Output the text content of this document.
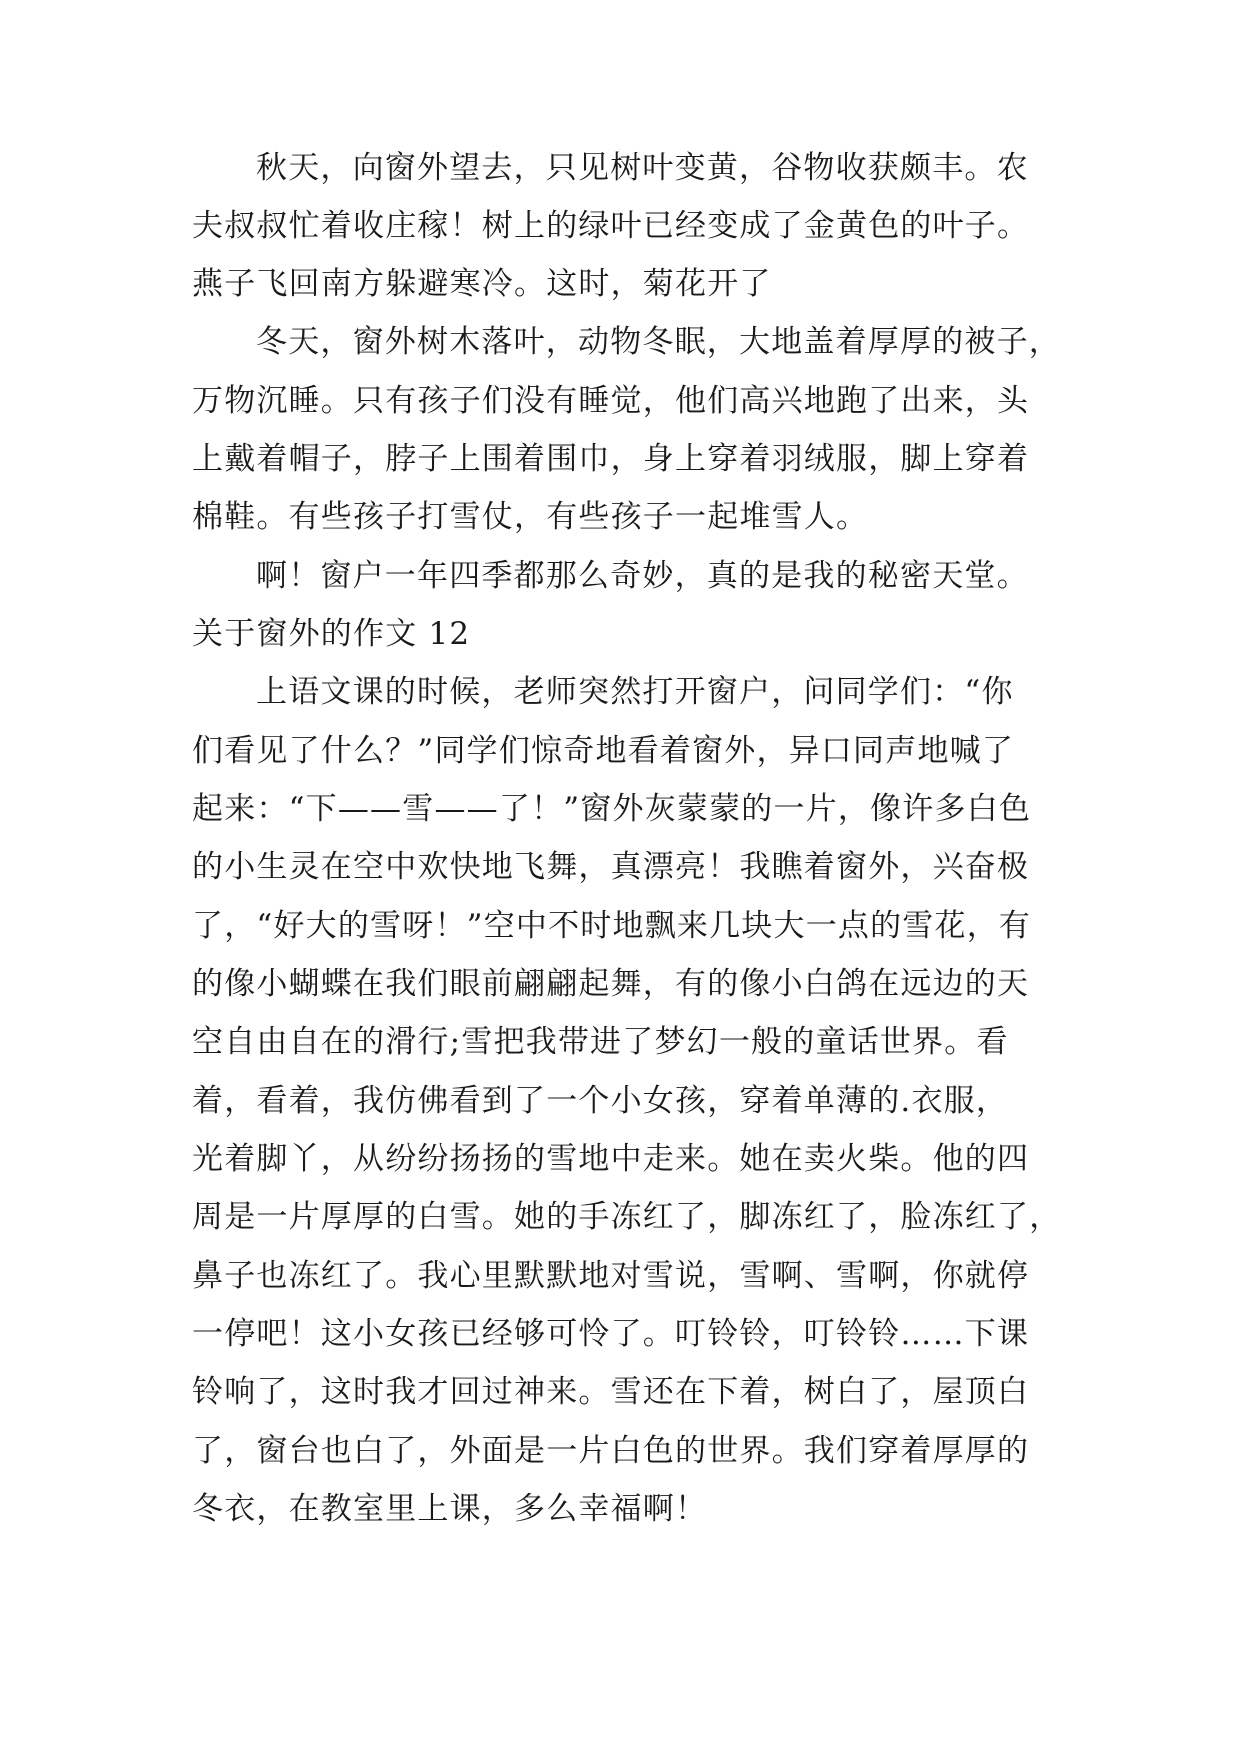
秋天，向窗外望去，只见树叶变黄，谷物收获颇丰。农
夫叔叔忙着收庄稼！树上的绿叶已经变成了金黄色的叶子。
燕子飞回南方躲避寒冷。这时，菊花开了
冬天，窗外树木落叶，动物冬眠，大地盖着厚厚的被子，
万物沉睡。只有孩子们没有睡觉，他们高兴地跑了出来，头
上戴着帽子，脖子上围着围巾，身上穿着羽绒服，脚上穿着
棉鞋。有些孩子打雪仗，有些孩子一起堆雪人。
啊！窗户一年四季都那么奇妙，真的是我的秘密天堂。
关于窗外的作文 12
上语文课的时候，老师突然打开窗户，问同学们：“你
们看见了什么？”同学们惊奇地看着窗外，异口同声地喊了
起来：“下——雪——了！”窗外灰蒙蒙的一片，像许多白色
的小生灵在空中欢快地飞舞，真漂亮！我瞧着窗外，兴奋极
了，“好大的雪呀！”空中不时地飘来几块大一点的雪花，有
的像小蝴蝶在我们眼前翩翩起舞，有的像小白鸽在远边的天
空自由自在的滑行;雪把我带进了梦幻一般的童话世界。看
着，看着，我仿佛看到了一个小女孩，穿着单薄的.衣服，
光着脚丫，从纷纷扬扬的雪地中走来。她在卖火柴。他的四
周是一片厚厚的白雪。她的手冻红了，脚冻红了，脸冻红了，
鼻子也冻红了。我心里默默地对雪说，雪啊、雪啊，你就停
一停吧！这小女孩已经够可怜了。叮铃铃，叮铃铃……下课
铃响了，这时我才回过神来。雪还在下着，树白了，屋顶白
了，窗台也白了，外面是一片白色的世界。我们穿着厚厚的
冬衣，在教室里上课，多么幸福啊！
